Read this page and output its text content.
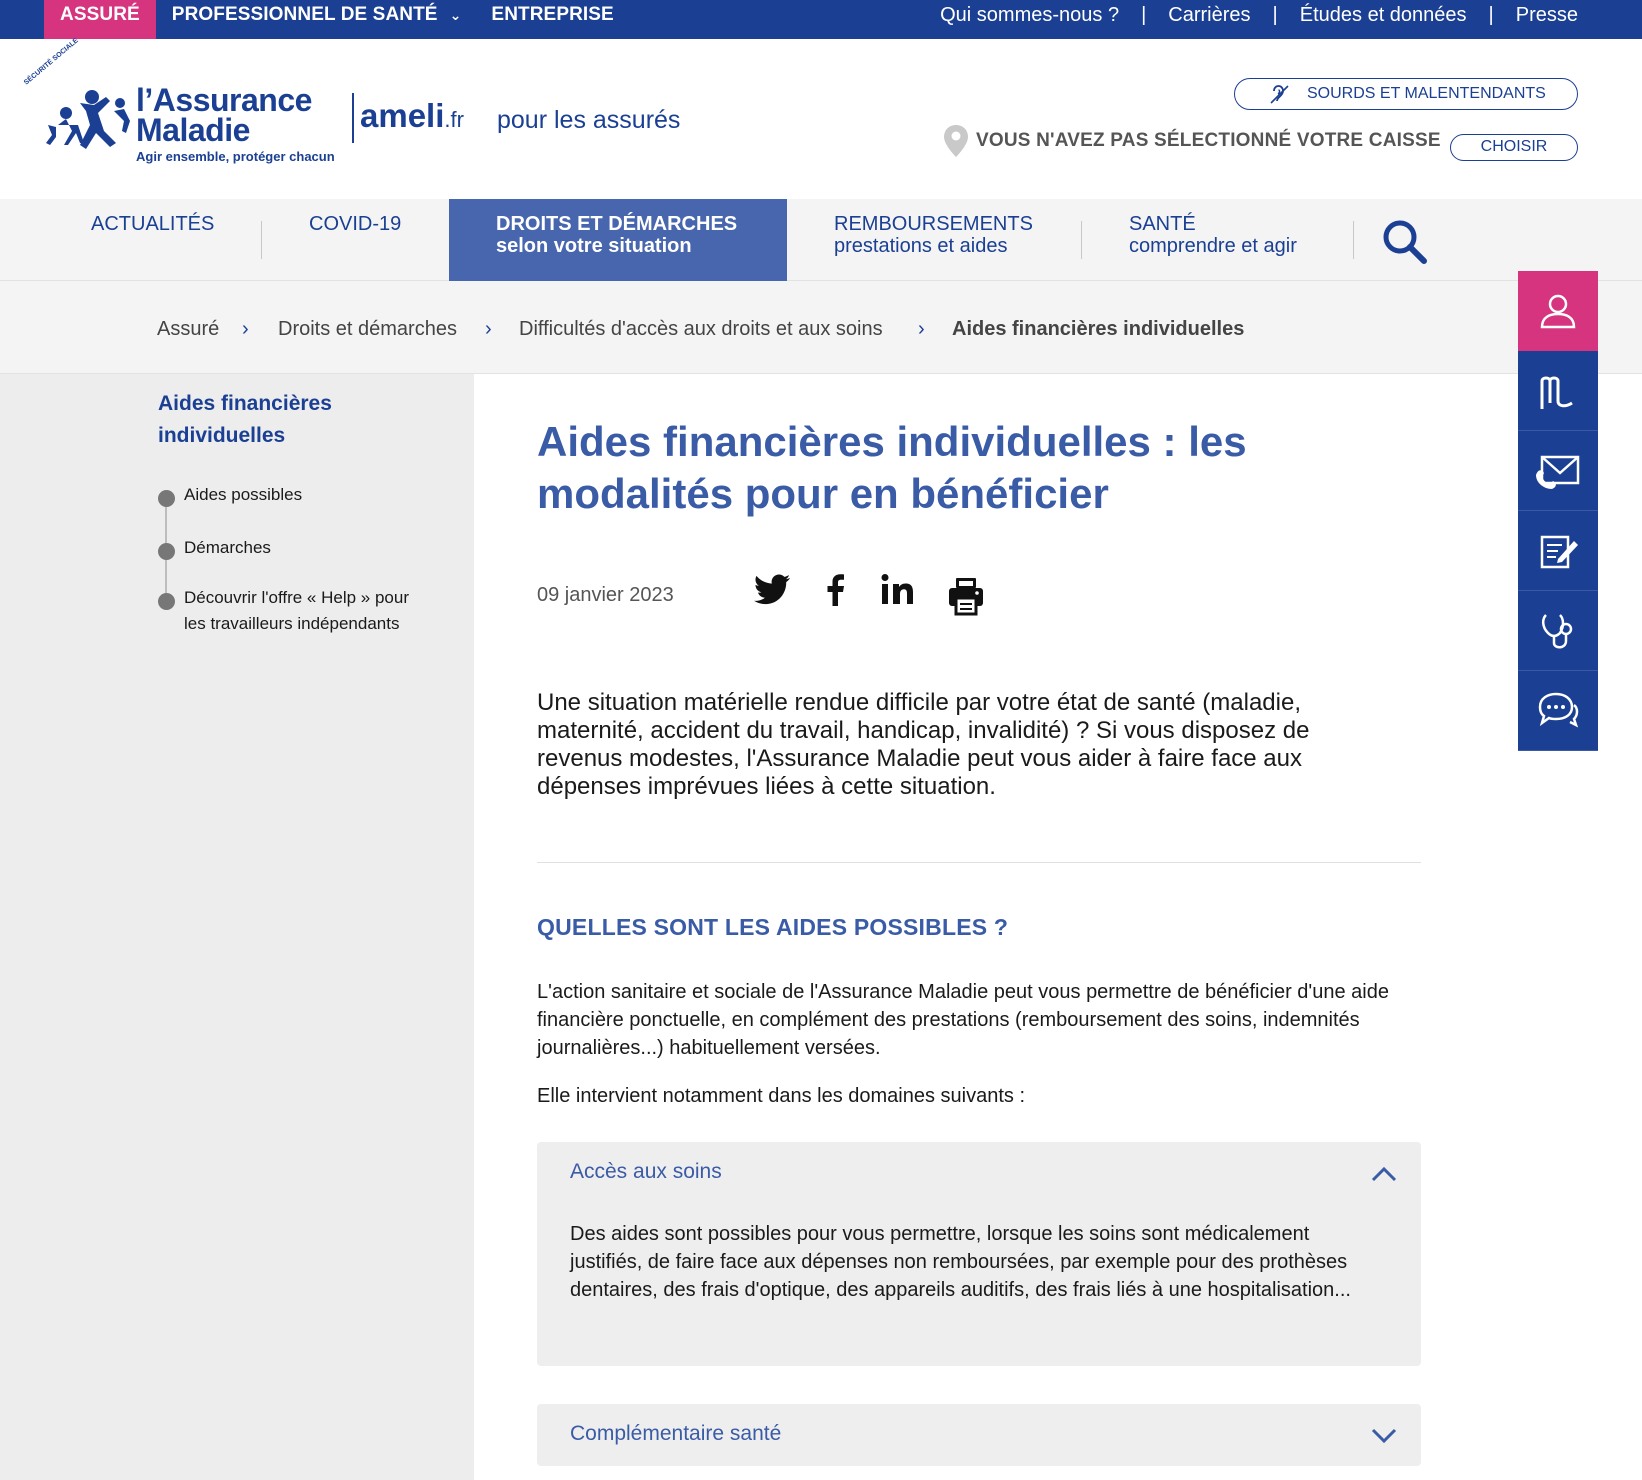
ASSURÉ PROFESSIONNEL DE SANTÉ ⌄ ENTREPRISE	Qui sommes-nous ? | Carrières | Études et données | Presse
SÉCURITÉ SOCIALE
l’Assurance
Maladie
Agir ensemble, protéger chacun
ameli.fr pour les assurés
SOURDS ET MALENTENDANTS
VOUS N'AVEZ PAS SÉLECTIONNÉ VOTRE CAISSE	CHOISIR
ACTUALITÉS	COVID-19	DROITS ET DÉMARCHES
selon votre situation
REMBOURSEMENTS
prestations et aides
SANTÉ
comprendre et agir
Assuré › Droits et démarches › Difficultés d'accès aux droits et aux soins › Aides financières individuelles
Aides financières individuelles
Aides possibles
Démarches
Découvrir l'offre « Help » pour les travailleurs indépendants
Aides financières individuelles : les modalités pour en bénéficier
09 janvier 2023

Une situation matérielle rendue difficile par votre état de santé (maladie, maternité, accident du travail, handicap, invalidité) ? Si vous disposez de revenus modestes, l'Assurance Maladie peut vous aider à faire face aux dépenses imprévues liées à cette situation.

QUELLES SONT LES AIDES POSSIBLES ?

L'action sanitaire et sociale de l'Assurance Maladie peut vous permettre de bénéficier d'une aide financière ponctuelle, en complément des prestations (remboursement des soins, indemnités journalières...) habituellement versées.

Elle intervient notamment dans les domaines suivants :

Accès aux soins

Des aides sont possibles pour vous permettre, lorsque les soins sont médicalement justifiés, de faire face aux dépenses non remboursées, par exemple pour des prothèses dentaires, des frais d'optique, des appareils auditifs, des frais liés à une hospitalisation...

Complémentaire santé
